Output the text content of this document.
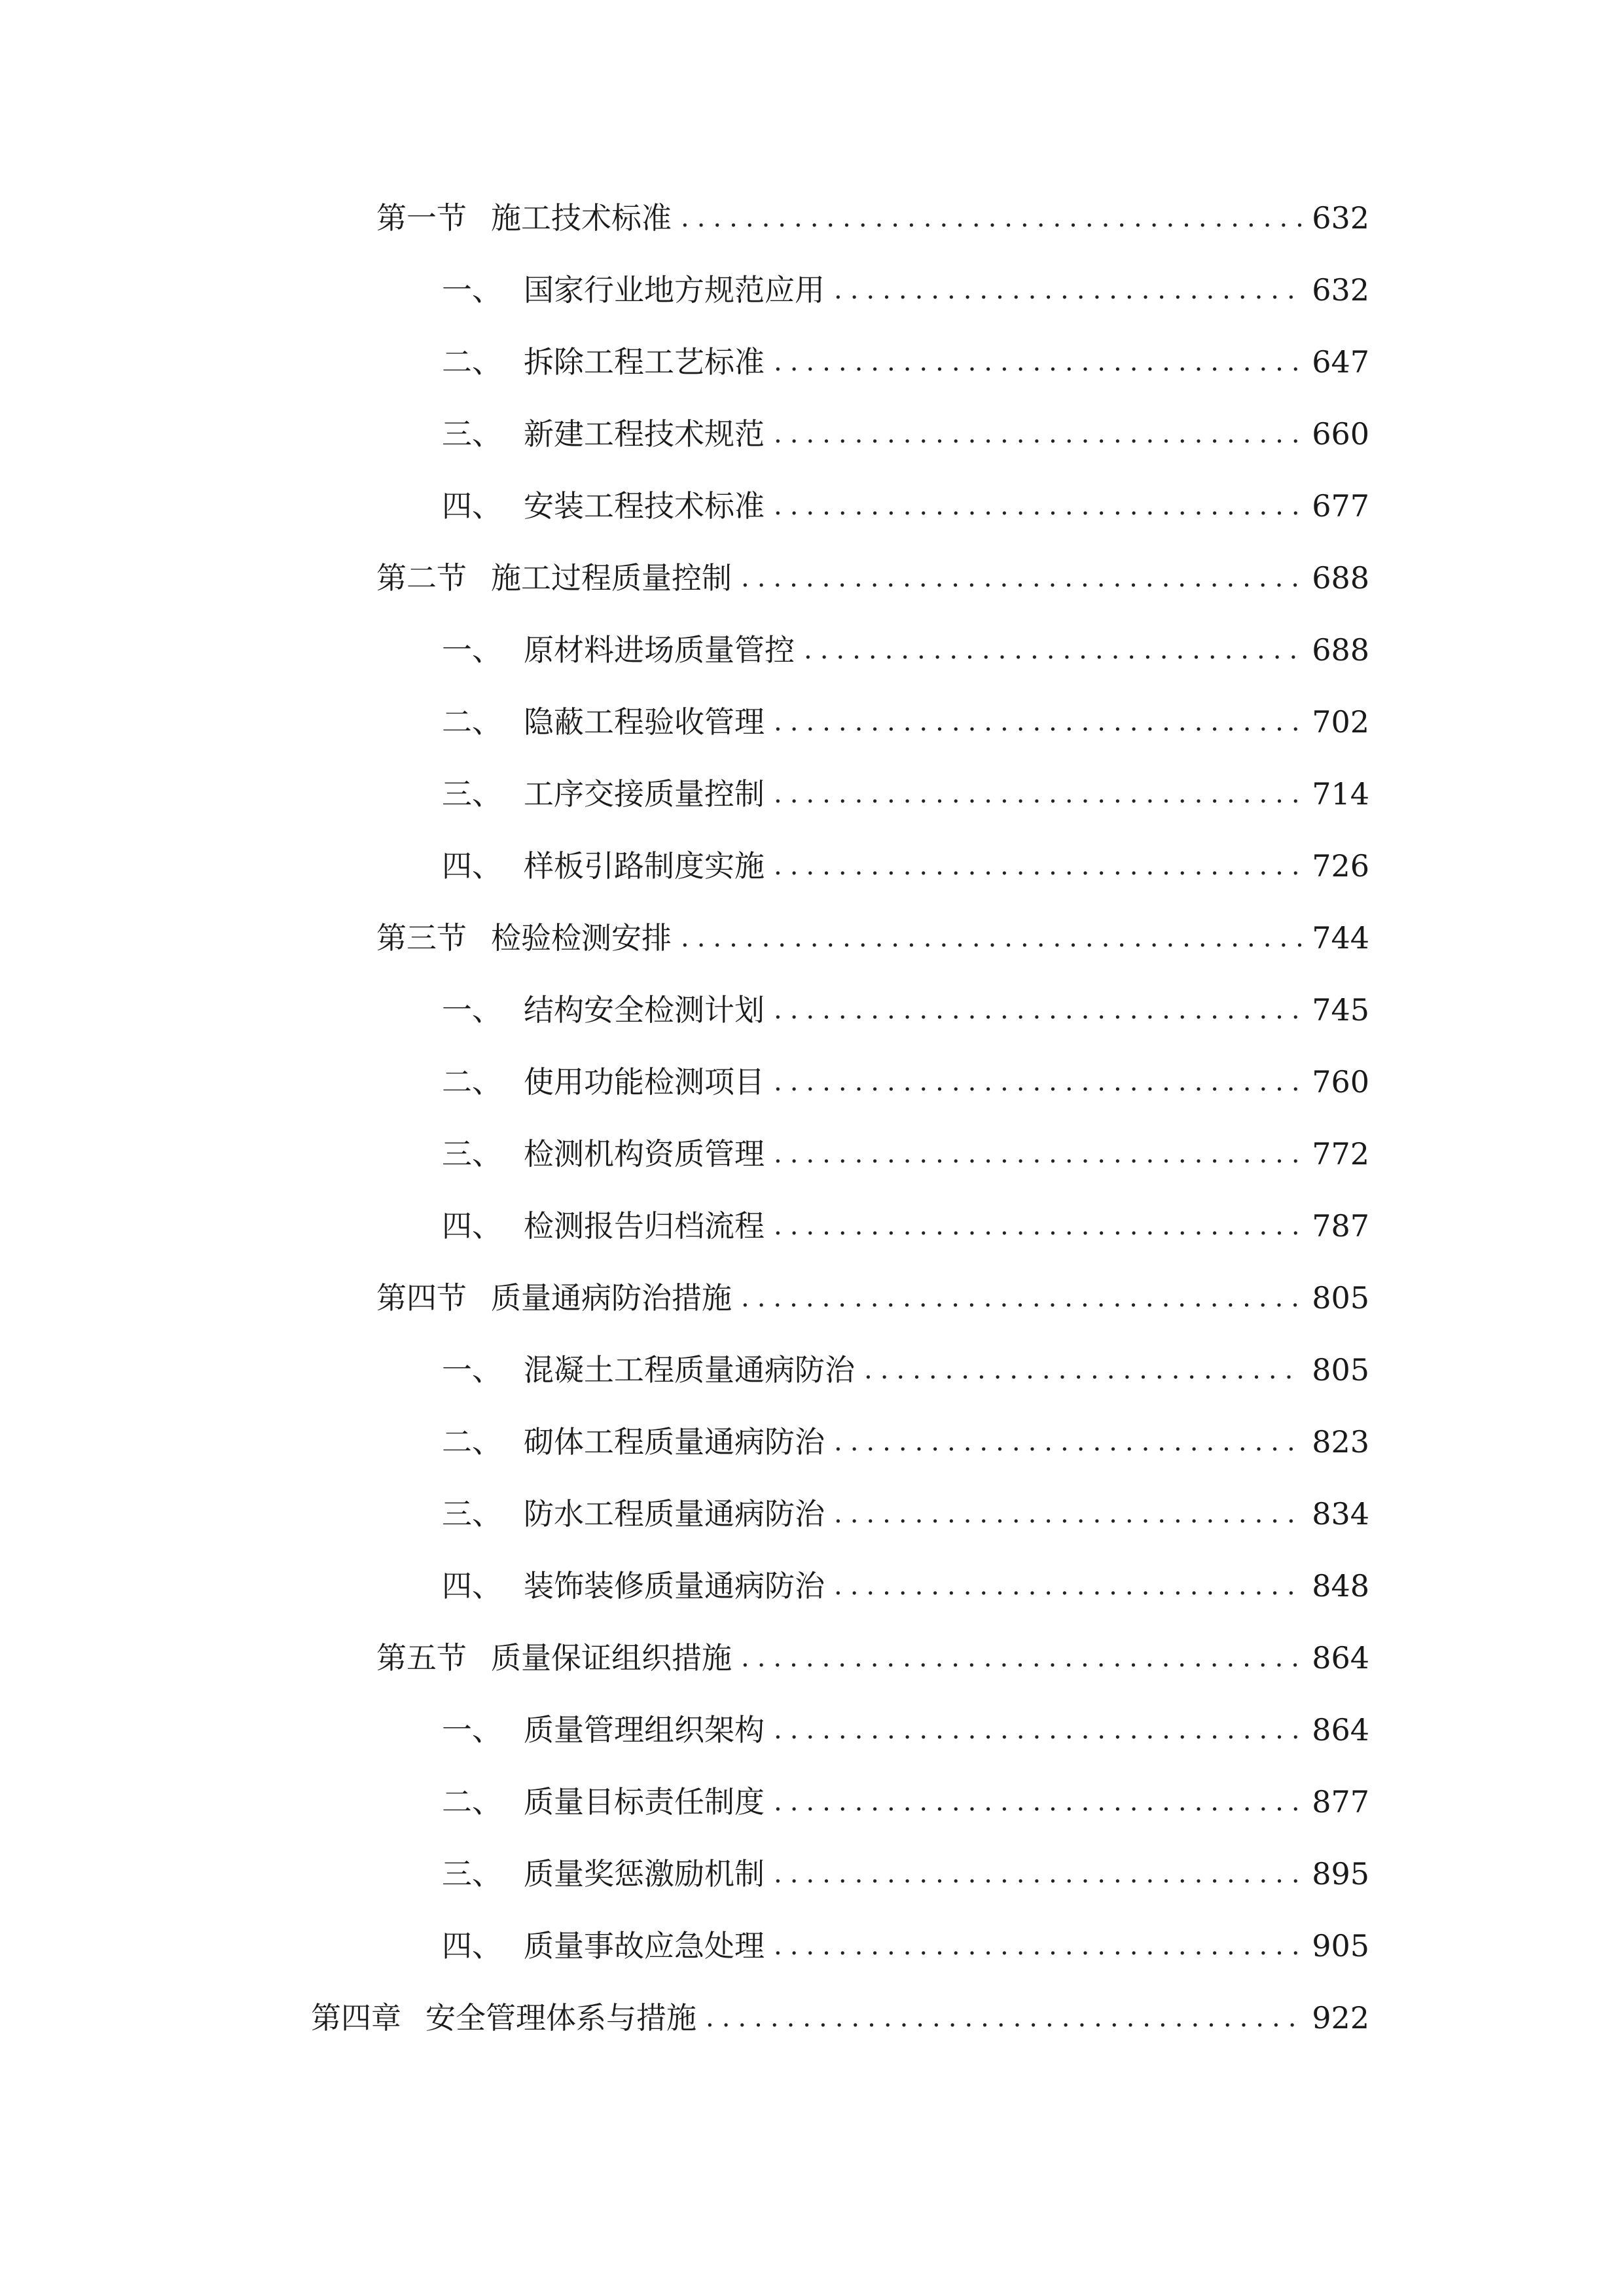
第一节 施工技术标准 .....	632
一、 国家行业地方规范应用 .....	632
二、 拆除工程工艺标准 .....	647
三、 新建工程技术规范 .....	660
四、 安装工程技术标准 .....	677
第二节 施工过程质量控制 .....	688
一、 原材料进场质量管控 .....	688
二、 隐蔽工程验收管理 .....	702
三、 工序交接质量控制 .....	714
四、 样板引路制度实施 .....	726
第三节 检验检测安排 .....	744
一、 结构安全检测计划 .....	745
二、 使用功能检测项目 .....	760
三、 检测机构资质管理 .....	772
四、 检测报告归档流程 .....	787
第四节 质量通病防治措施 .....	805
一、 混凝土工程质量通病防治 .....	805
二、 砌体工程质量通病防治 .....	823
三、 防水工程质量通病防治 .....	834
四、 装饰装修质量通病防治 .....	848
第五节 质量保证组织措施 .....	864
一、 质量管理组织架构 .....	864
二、 质量目标责任制度 .....	877
三、 质量奖惩激励机制 .....	895
四、 质量事故应急处理 .....	905
第四章 安全管理体系与措施 .....	922
